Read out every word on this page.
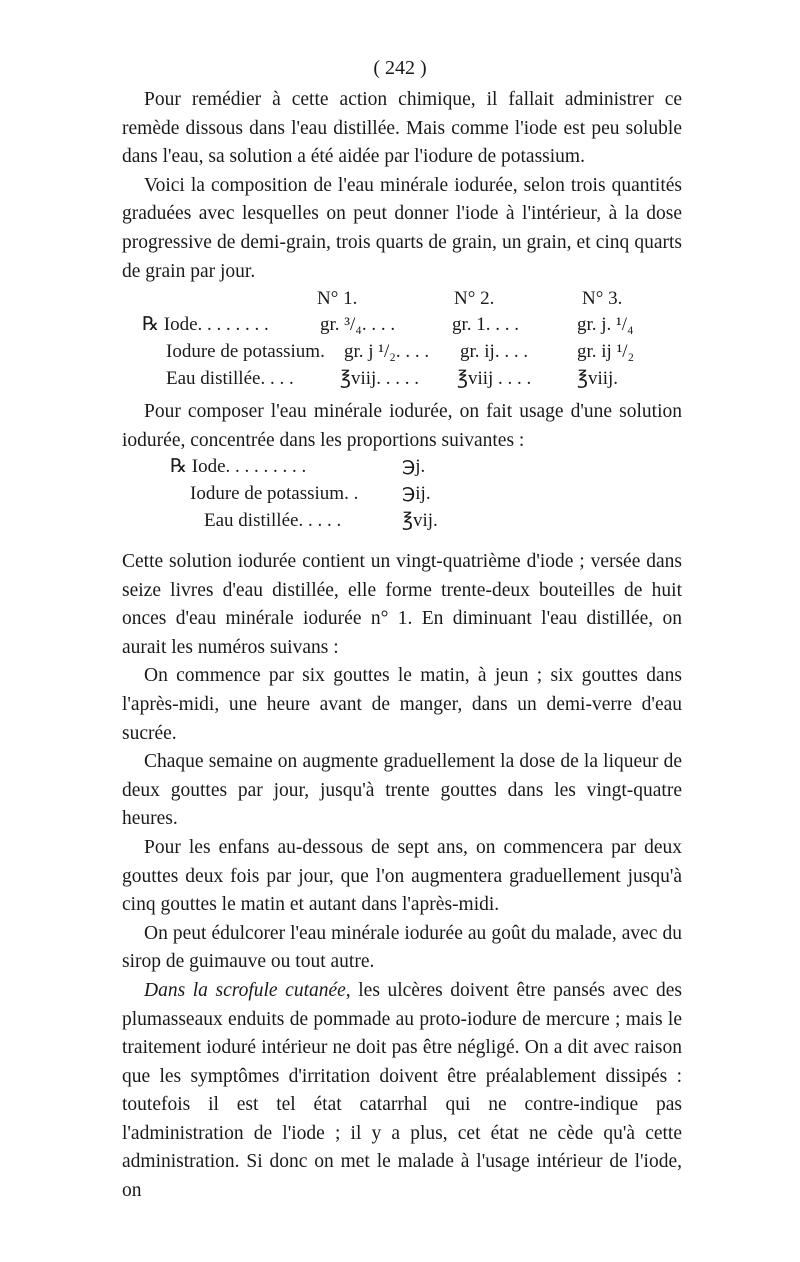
( 242 )

Pour remédier à cette action chimique, il fallait administrer ce remède dissous dans l'eau distillée. Mais comme l'iode est peu soluble dans l'eau, sa solution a été aidée par l'iodure de potassium.

Voici la composition de l'eau minérale iodurée, selon trois quantités graduées avec lesquelles on peut donner l'iode à l'intérieur, à la dose progressive de demi-grain, trois quarts de grain, un grain, et cinq quarts de grain par jour.

N° 1.	N° 2.	N° 3.
℞ Iode. . . . . . . .	gr. ³/₄. . . .	gr. 1. . . .	gr. j. ¹/₄
Iodure de potassium. gr. j ¹/₂. . . . gr. ij. . . .	gr. ij ¹/₂
Eau distillée. . . . ℥viij. . . . . ℥viij . . . . ℥viij.

Pour composer l'eau minérale iodurée, on fait usage d'une solution iodurée, concentrée dans les proportions suivantes :

℞ Iode. . . . . . . . .	℈j.
Iodure de potassium. . ℈ij.
Eau distillée. . . . .	℥vij.

Cette solution iodurée contient un vingt-quatrième d'iode ; versée dans seize livres d'eau distillée, elle forme trente-deux bouteilles de huit onces d'eau minérale iodurée n° 1. En diminuant l'eau distillée, on aurait les numéros suivans :

On commence par six gouttes le matin, à jeun ; six gouttes dans l'après-midi, une heure avant de manger, dans un demi-verre d'eau sucrée.

Chaque semaine on augmente graduellement la dose de la liqueur de deux gouttes par jour, jusqu'à trente gouttes dans les vingt-quatre heures.

Pour les enfans au-dessous de sept ans, on commencera par deux gouttes deux fois par jour, que l'on augmentera graduellement jusqu'à cinq gouttes le matin et autant dans l'après-midi.

On peut édulcorer l'eau minérale iodurée au goût du malade, avec du sirop de guimauve ou tout autre.

Dans la scrofule cutanée, les ulcères doivent être pansés avec des plumasseaux enduits de pommade au proto-iodure de mercure ; mais le traitement ioduré intérieur ne doit pas être négligé. On a dit avec raison que les symptômes d'irritation doivent être préalablement dissipés : toutefois il est tel état catarrhal qui ne contre-indique pas l'administration de l'iode ; il y a plus, cet état ne cède qu'à cette administration. Si donc on met le malade à l'usage intérieur de l'iode, on
